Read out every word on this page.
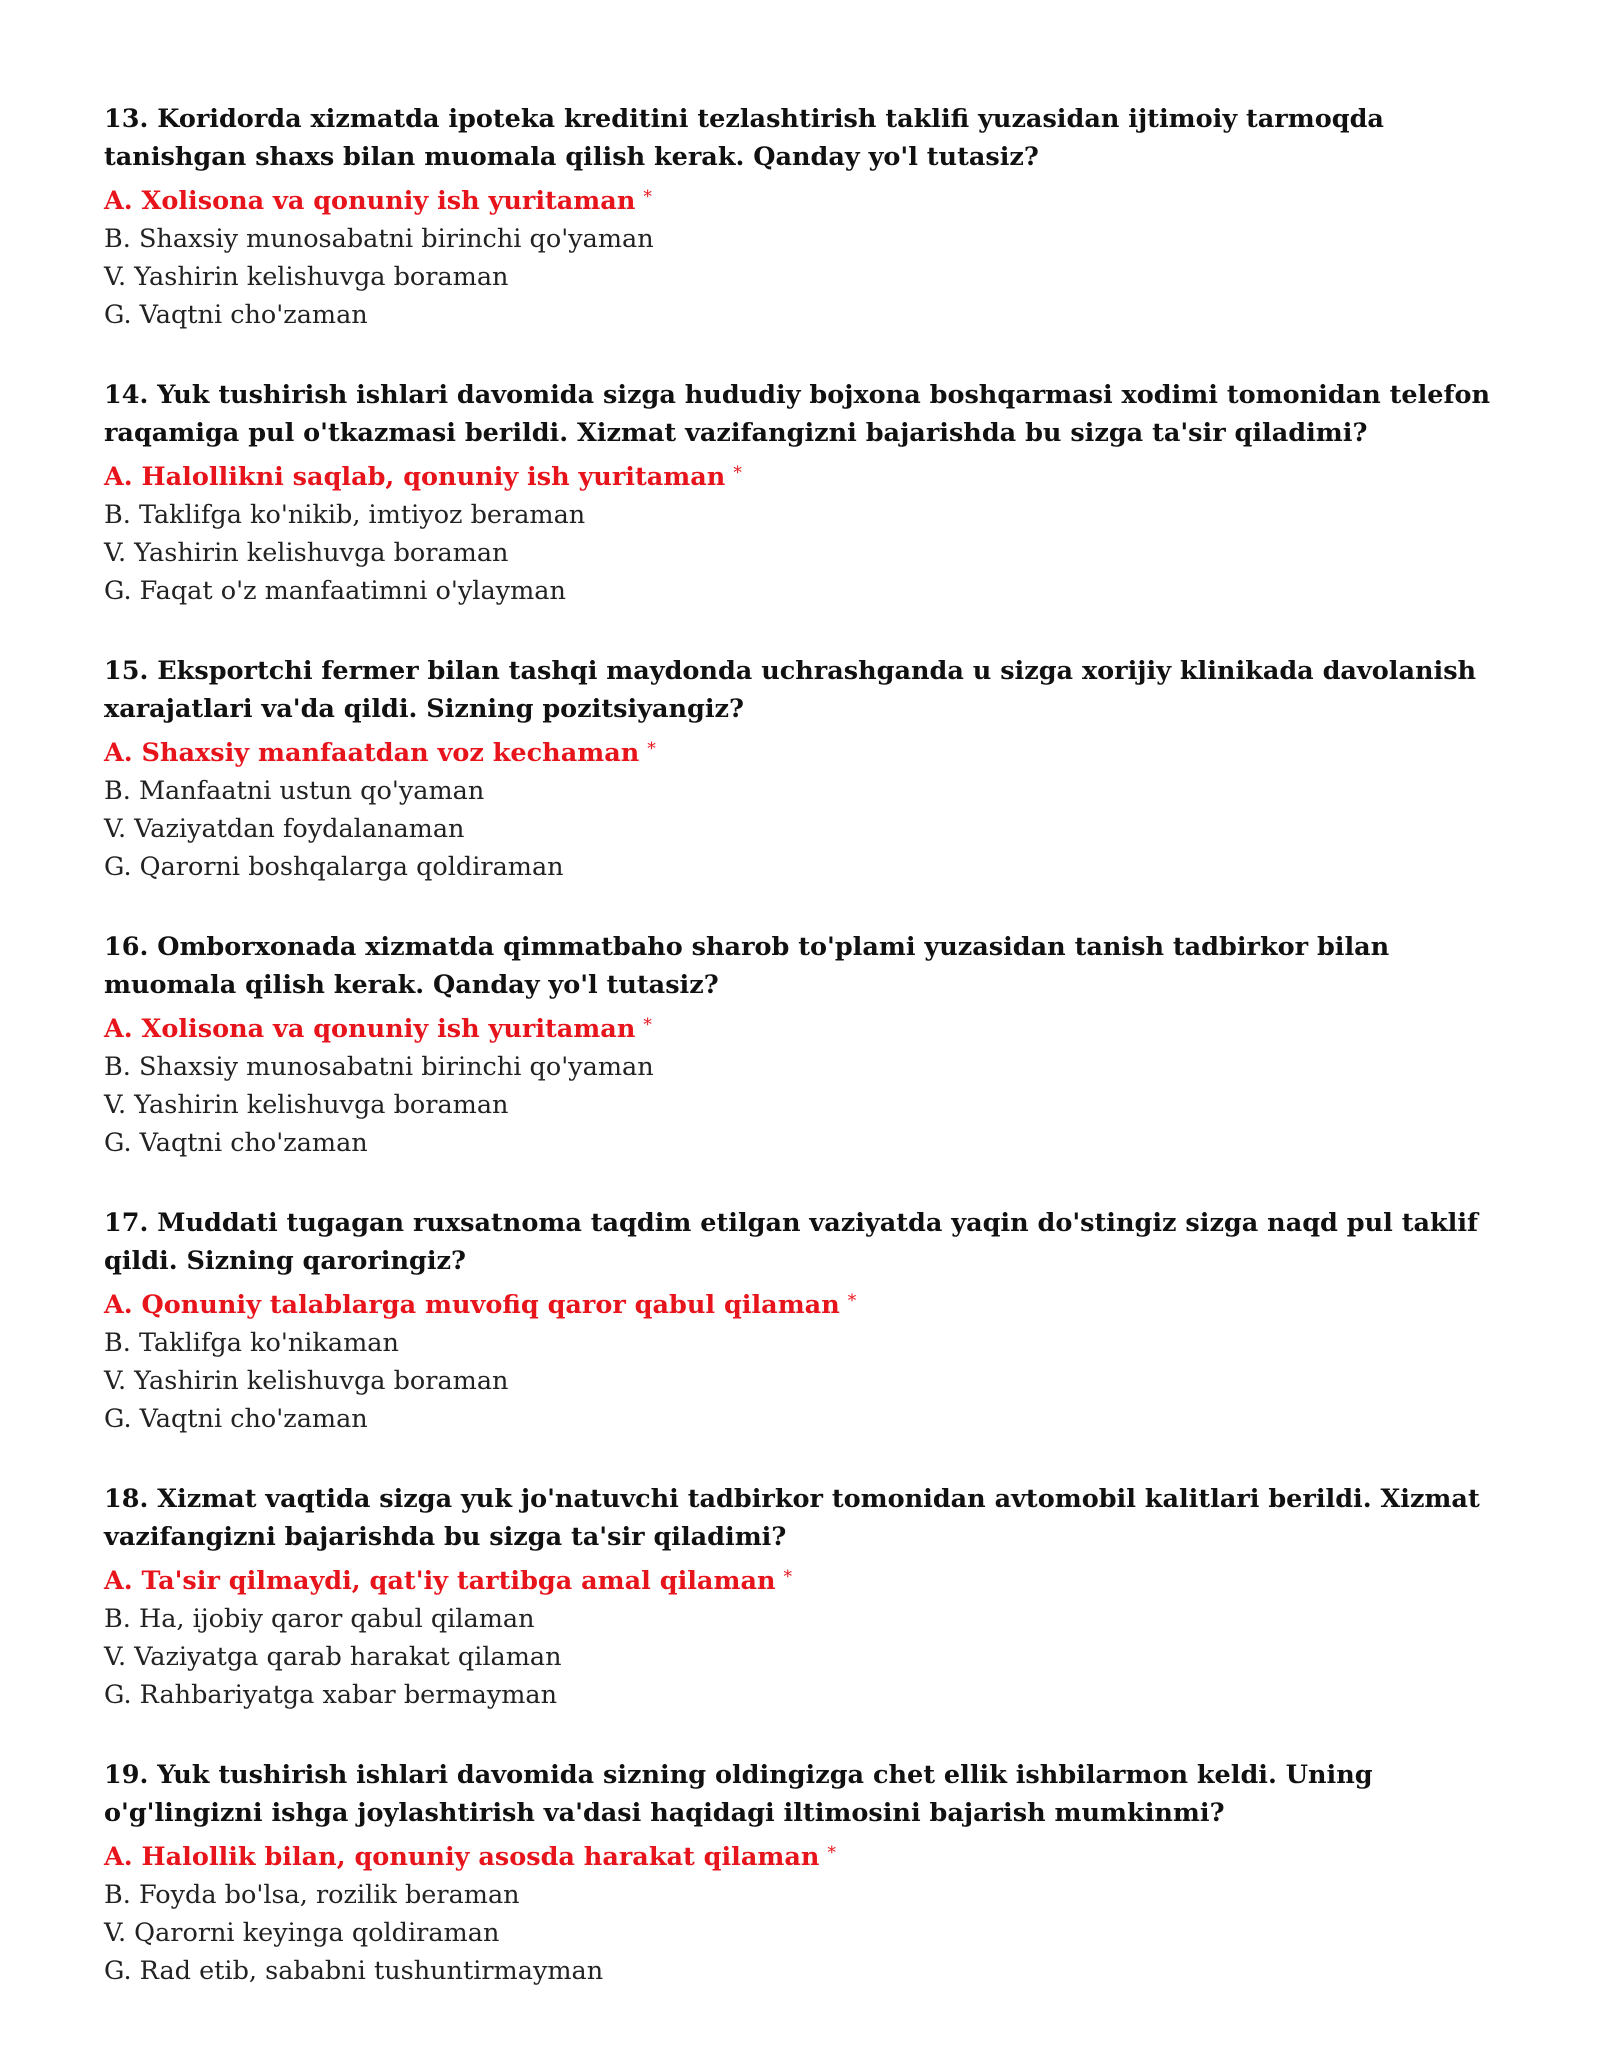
13. Koridorda xizmatda ipoteka kreditini tezlashtirish taklifi yuzasidan ijtimoiy tarmoqda tanishgan shaxs bilan muomala qilish kerak. Qanday yo'l tutasiz?
A. Xolisona va qonuniy ish yuritaman *
B. Shaxsiy munosabatni birinchi qo'yaman
V. Yashirin kelishuvga boraman
G. Vaqtni cho'zaman
14. Yuk tushirish ishlari davomida sizga hududiy bojxona boshqarmasi xodimi tomonidan telefon raqamiga pul o'tkazmasi berildi. Xizmat vazifangizni bajarishda bu sizga ta'sir qiladimi?
A. Halollikni saqlab, qonuniy ish yuritaman *
B. Taklifga ko'nikib, imtiyoz beraman
V. Yashirin kelishuvga boraman
G. Faqat o'z manfaatimni o'ylayman
15. Eksportchi fermer bilan tashqi maydonda uchrashganda u sizga xorijiy klinikada davolanish xarajatlari va'da qildi. Sizning pozitsiyangiz?
A. Shaxsiy manfaatdan voz kechaman *
B. Manfaatni ustun qo'yaman
V. Vaziyatdan foydalanaman
G. Qarorni boshqalarga qoldiraman
16. Omborxonada xizmatda qimmatbaho sharob to'plami yuzasidan tanish tadbirkor bilan muomala qilish kerak. Qanday yo'l tutasiz?
A. Xolisona va qonuniy ish yuritaman *
B. Shaxsiy munosabatni birinchi qo'yaman
V. Yashirin kelishuvga boraman
G. Vaqtni cho'zaman
17. Muddati tugagan ruxsatnoma taqdim etilgan vaziyatda yaqin do'stingiz sizga naqd pul taklif qildi. Sizning qaroringiz?
A. Qonuniy talablarga muvofiq qaror qabul qilaman *
B. Taklifga ko'nikaman
V. Yashirin kelishuvga boraman
G. Vaqtni cho'zaman
18. Xizmat vaqtida sizga yuk jo'natuvchi tadbirkor tomonidan avtomobil kalitlari berildi. Xizmat vazifangizni bajarishda bu sizga ta'sir qiladimi?
A. Ta'sir qilmaydi, qat'iy tartibga amal qilaman *
B. Ha, ijobiy qaror qabul qilaman
V. Vaziyatga qarab harakat qilaman
G. Rahbariyatga xabar bermayman
19. Yuk tushirish ishlari davomida sizning oldingizga chet ellik ishbilarmon keldi. Uning o'g'lingizni ishga joylashtirish va'dasi haqidagi iltimosini bajarish mumkinmi?
A. Halollik bilan, qonuniy asosda harakat qilaman *
B. Foyda bo'lsa, rozilik beraman
V. Qarorni keyinga qoldiraman
G. Rad etib, sababni tushuntirmayman
